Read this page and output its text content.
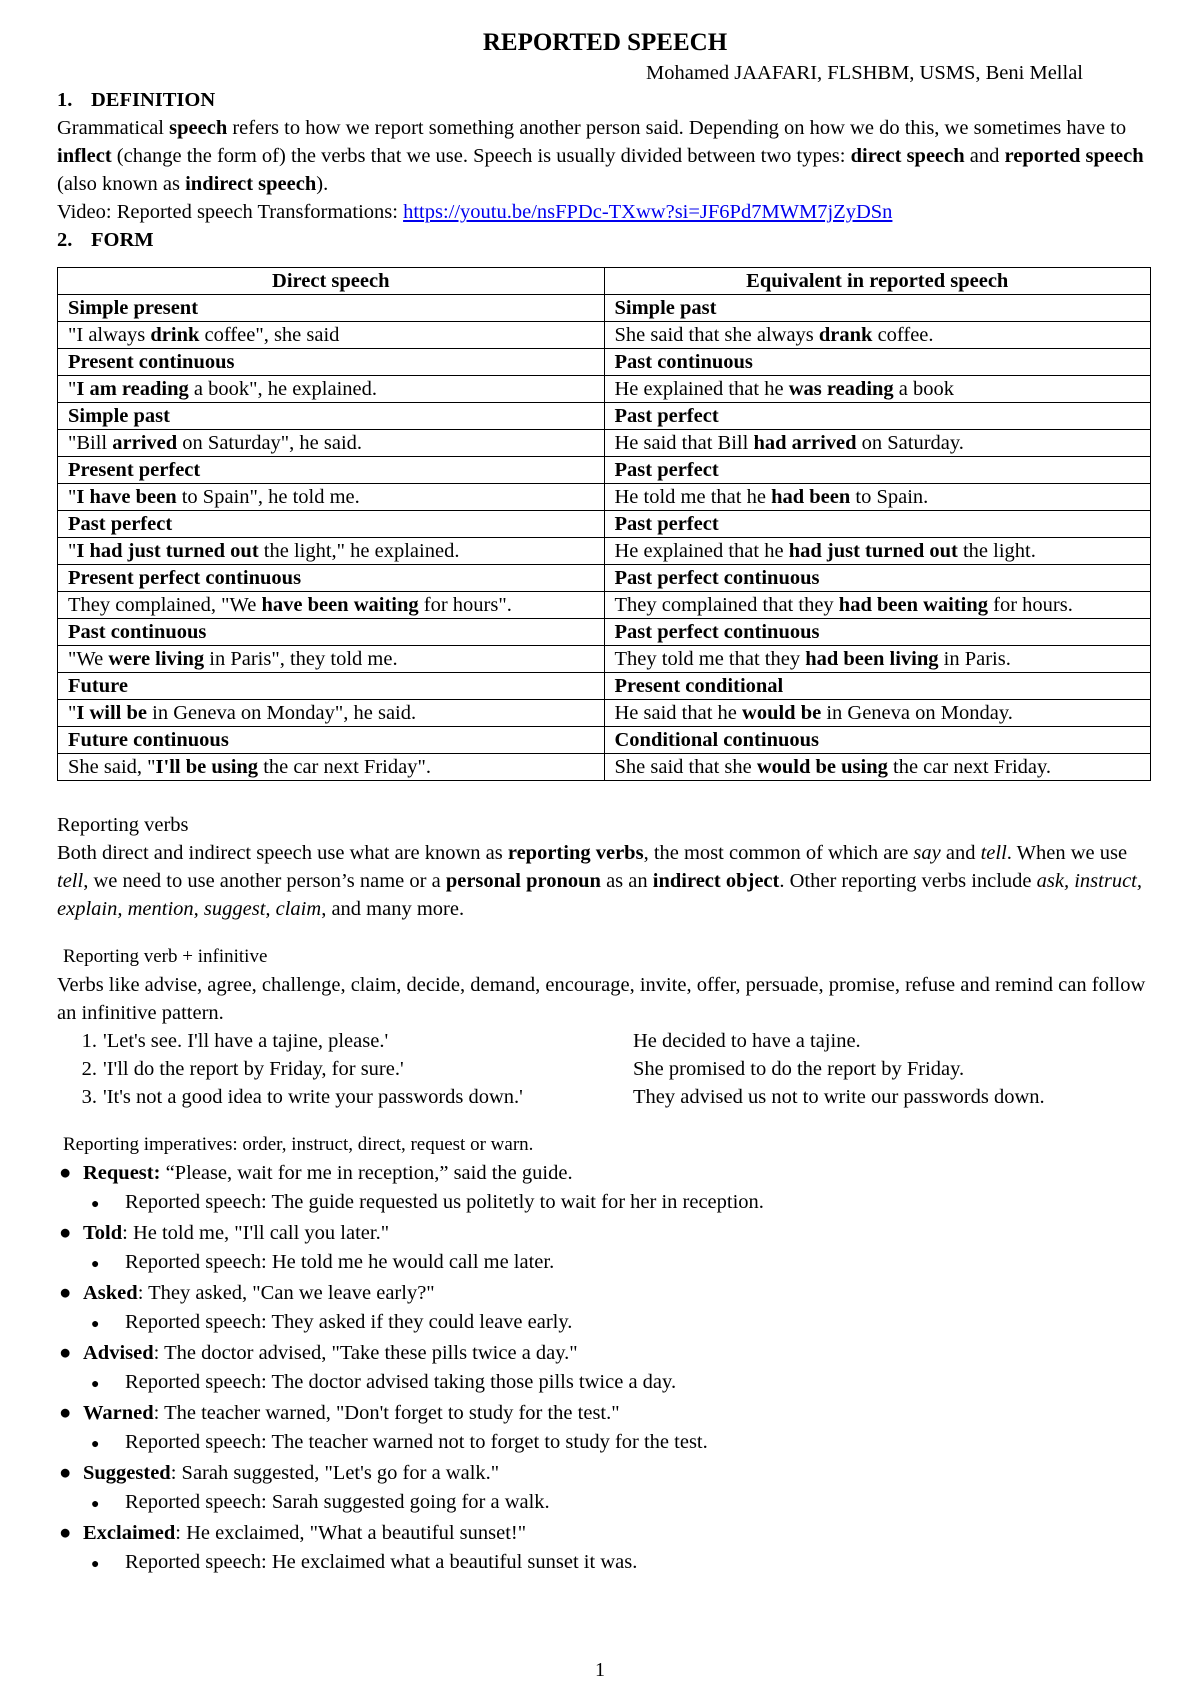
REPORTED SPEECH
Mohamed JAAFARI, FLSHBM, USMS, Beni Mellal
1. DEFINITION

Grammatical speech refers to how we report something another person said. Depending on how we do this, we sometimes have to inflect (change the form of) the verbs that we use. Speech is usually divided between two types: direct speech and reported speech (also known as indirect speech).

Video: Reported speech Transformations: https://youtu.be/nsFPDc-TXww?si=JF6Pd7MWM7jZyDSn

2. FORM
Direct speech	Equivalent in reported speech
Simple present	Simple past
"I always drink coffee", she said	She said that she always drank coffee.
Present continuous	Past continuous
"I am reading a book", he explained.	He explained that he was reading a book
Simple past	Past perfect
"Bill arrived on Saturday", he said.	He said that Bill had arrived on Saturday.
Present perfect	Past perfect
"I have been to Spain", he told me.	He told me that he had been to Spain.
Past perfect	Past perfect
"I had just turned out the light," he explained.	He explained that he had just turned out the light.
Present perfect continuous	Past perfect continuous
They complained, "We have been waiting for hours".	They complained that they had been waiting for hours.
Past continuous	Past perfect continuous
"We were living in Paris", they told me.	They told me that they had been living in Paris.
Future	Present conditional
"I will be in Geneva on Monday", he said.	He said that he would be in Geneva on Monday.
Future continuous	Conditional continuous
She said, "I'll be using the car next Friday".	She said that she would be using the car next Friday.

Reporting verbs

Both direct and indirect speech use what are known as reporting verbs, the most common of which are say and tell. When we use tell, we need to use another person’s name or a personal pronoun as an indirect object. Other reporting verbs include ask, instruct, explain, mention, suggest, claim, and many more.

Reporting verb + infinitive

Verbs like advise, agree, challenge, claim, decide, demand, encourage, invite, offer, persuade, promise, refuse and remind can follow an infinitive pattern.

1. 'Let's see. I'll have a tajine, please.'	He decided to have a tajine.
2. 'I'll do the report by Friday, for sure.'	She promised to do the report by Friday.
3. 'It's not a good idea to write your passwords down.'	They advised us not to write our passwords down.

Reporting imperatives: order, instruct, direct, request or warn.

● Request: “Please, wait for me in reception,” said the guide.
● Reported speech: The guide requested us politetly to wait for her in reception.
● Told: He told me, "I'll call you later."
● Reported speech: He told me he would call me later.
● Asked: They asked, "Can we leave early?"
● Reported speech: They asked if they could leave early.
● Advised: The doctor advised, "Take these pills twice a day."
● Reported speech: The doctor advised taking those pills twice a day.
● Warned: The teacher warned, "Don't forget to study for the test."
● Reported speech: The teacher warned not to forget to study for the test.
● Suggested: Sarah suggested, "Let's go for a walk."
● Reported speech: Sarah suggested going for a walk.
● Exclaimed: He exclaimed, "What a beautiful sunset!"
● Reported speech: He exclaimed what a beautiful sunset it was.
1
